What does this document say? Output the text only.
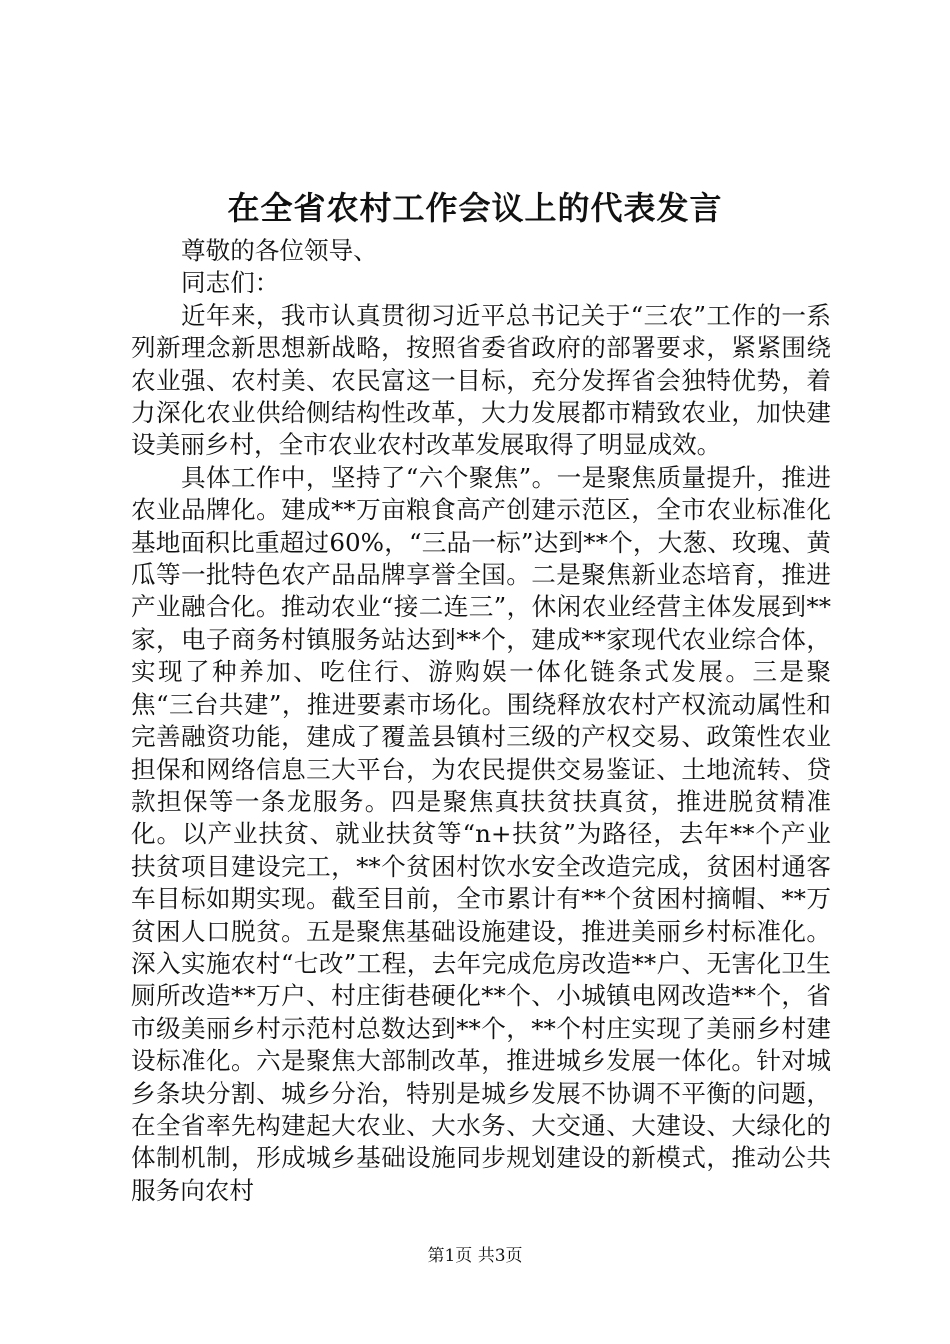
在全省农村工作会议上的代表发言

尊敬的各位领导、

同志们：

近年来，我市认真贯彻习近平总书记关于“三农”工作的一系列新理念新思想新战略，按照省委省政府的部署要求，紧紧围绕农业强、农村美、农民富这一目标，充分发挥省会独特优势，着力深化农业供给侧结构性改革，大力发展都市精致农业，加快建设美丽乡村，全市农业农村改革发展取得了明显成效。

具体工作中，坚持了“六个聚焦”。一是聚焦质量提升，推进农业品牌化。建成**万亩粮食高产创建示范区，全市农业标准化基地面积比重超过60%，“三品一标”达到**个，大葱、玫瑰、黄瓜等一批特色农产品品牌享誉全国。二是聚焦新业态培育，推进产业融合化。推动农业“接二连三”，休闲农业经营主体发展到**家，电子商务村镇服务站达到**个，建成**家现代农业综合体，实现了种养加、吃住行、游购娱一体化链条式发展。三是聚焦“三台共建”，推进要素市场化。围绕释放农村产权流动属性和完善融资功能，建成了覆盖县镇村三级的产权交易、政策性农业担保和网络信息三大平台，为农民提供交易鉴证、土地流转、贷款担保等一条龙服务。四是聚焦真扶贫扶真贫，推进脱贫精准化。以产业扶贫、就业扶贫等“n+扶贫”为路径，去年**个产业扶贫项目建设完工，**个贫困村饮水安全改造完成，贫困村通客车目标如期实现。截至目前，全市累计有**个贫困村摘帽、**万贫困人口脱贫。五是聚焦基础设施建设，推进美丽乡村标准化。深入实施农村“七改”工程，去年完成危房改造**户、无害化卫生厕所改造**万户、村庄街巷硬化**个、小城镇电网改造**个，省市级美丽乡村示范村总数达到**个，**个村庄实现了美丽乡村建设标准化。六是聚焦大部制改革，推进城乡发展一体化。针对城乡条块分割、城乡分治，特别是城乡发展不协调不平衡的问题，在全省率先构建起大农业、大水务、大交通、大建设、大绿化的体制机制，形成城乡基础设施同步规划建设的新模式，推动公共服务向农村

第1页 共3页
